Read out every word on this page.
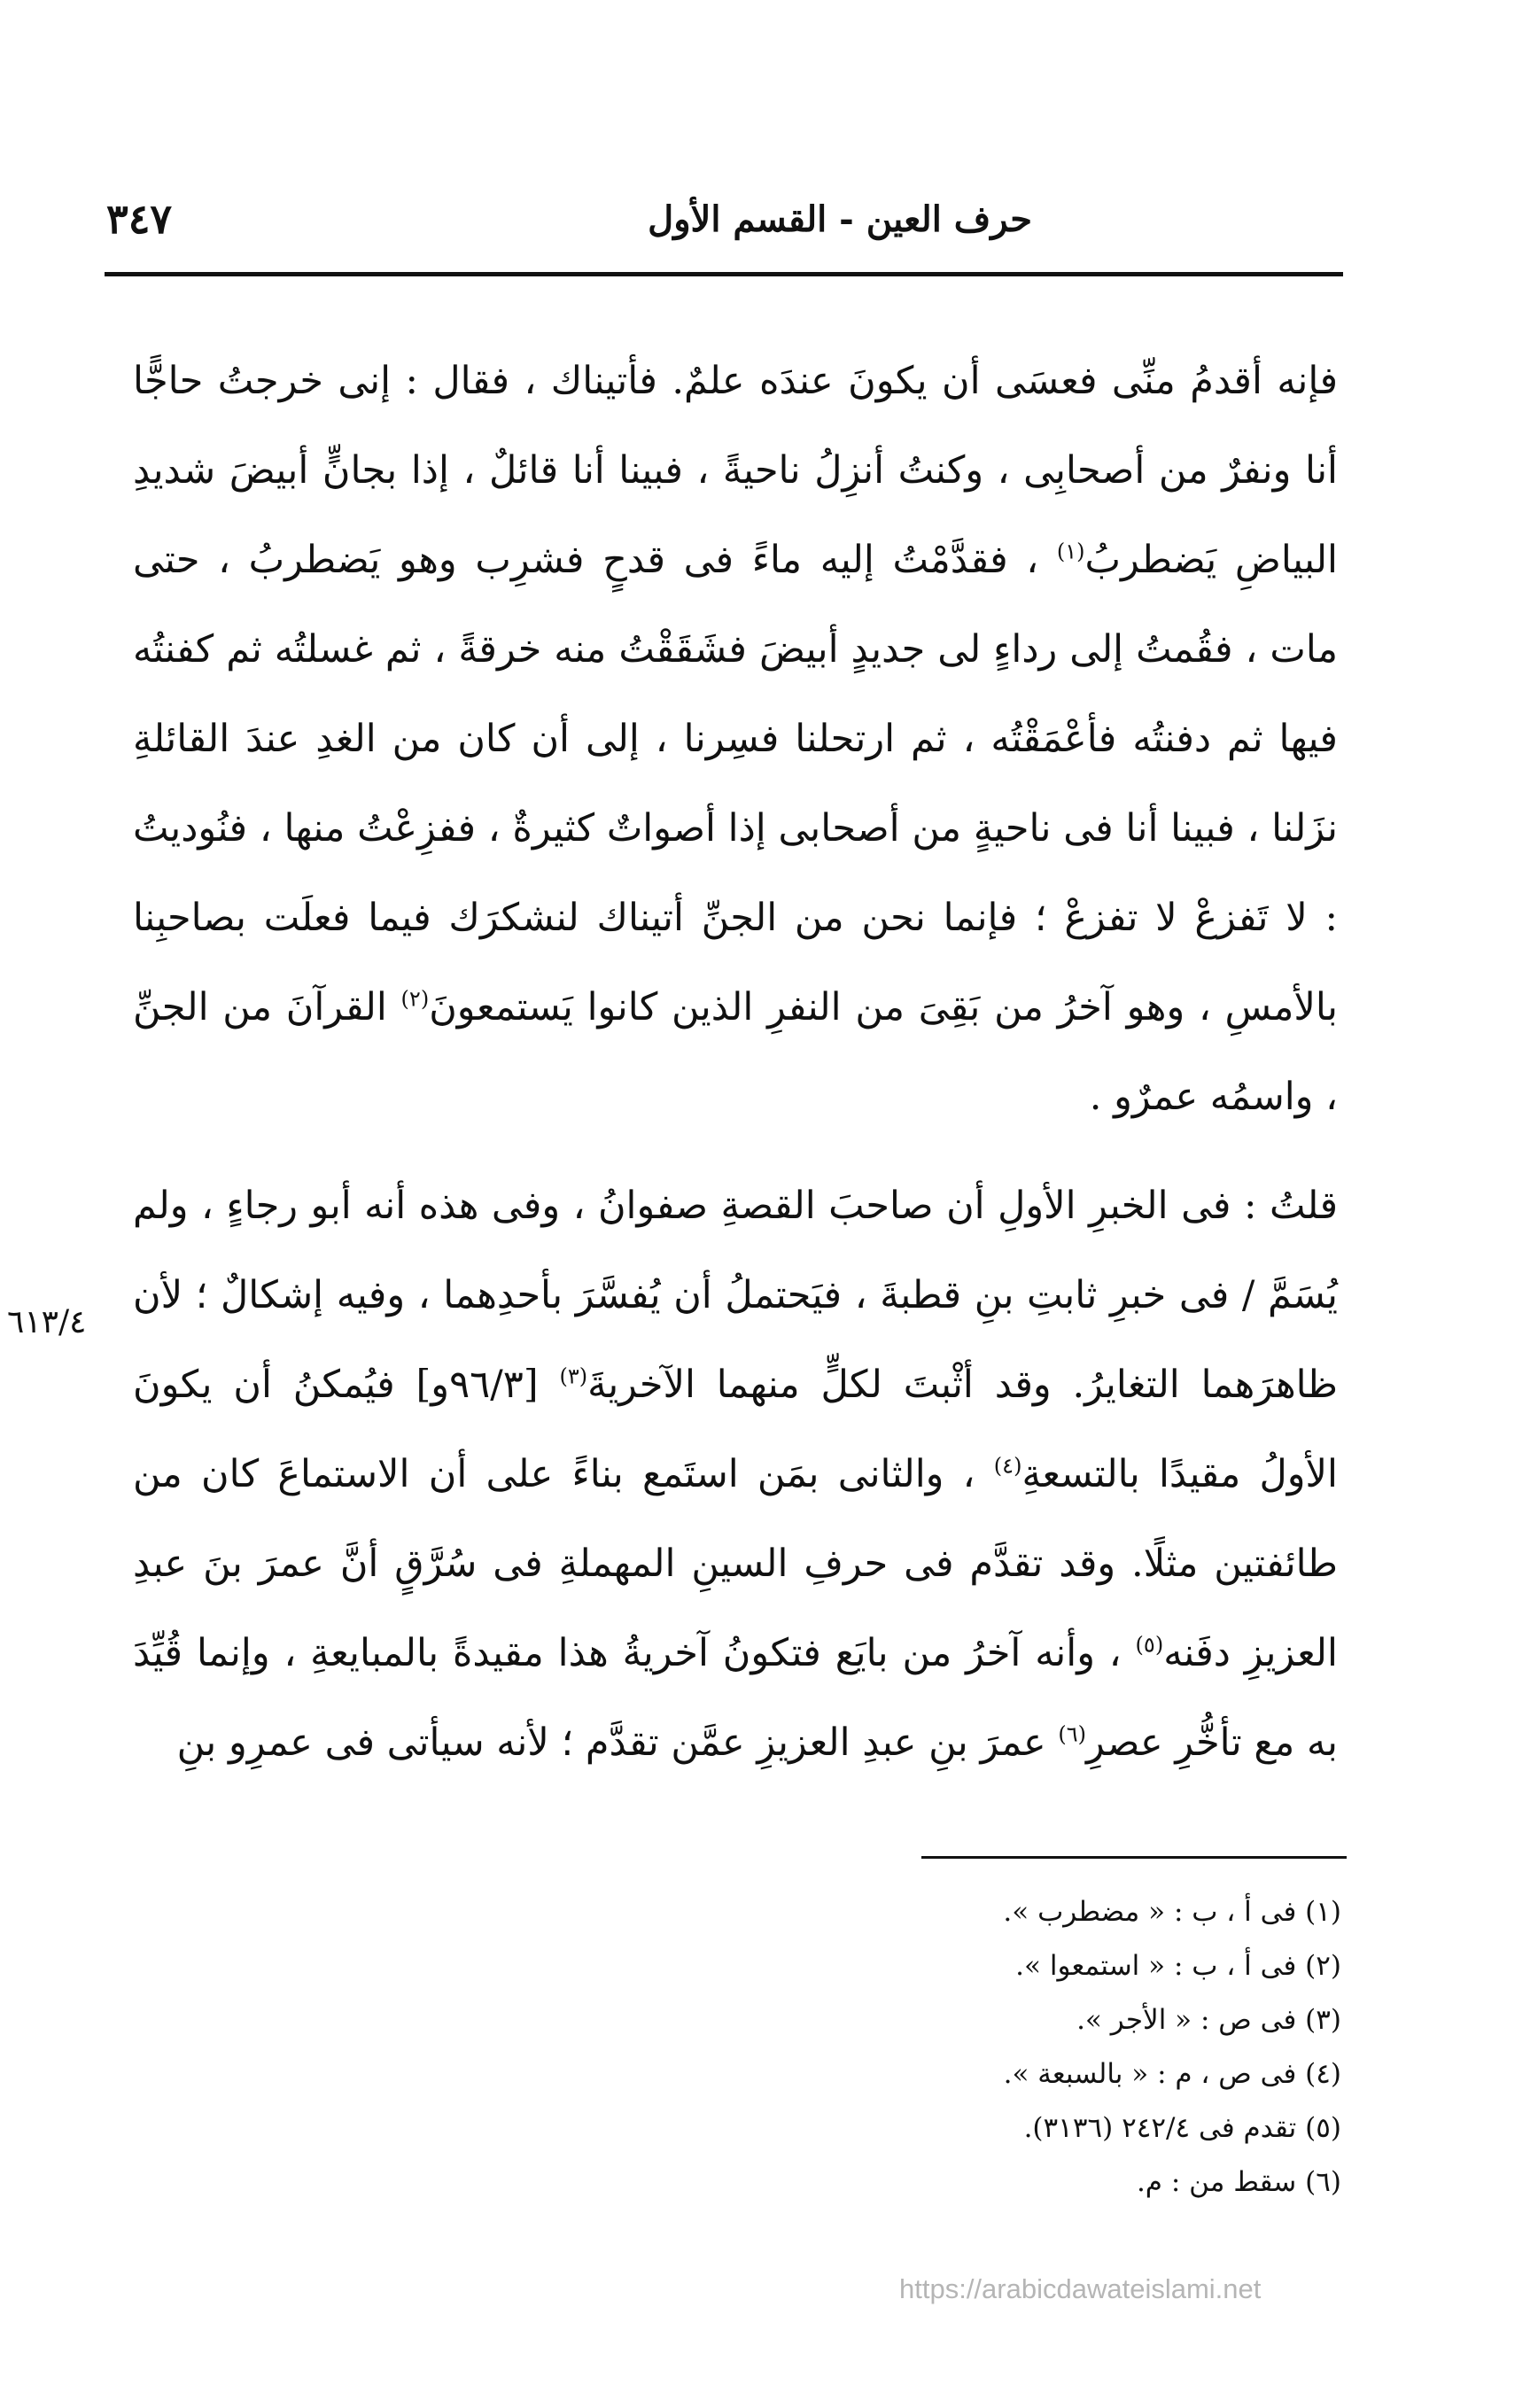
حرف العين - القسم الأول
٣٤٧

فإنه أقدمُ منِّى فعسَى أن يكونَ عندَه علمٌ. فأتيناك ، فقال : إنى خرجتُ حاجًّا أنا ونفرٌ من أصحابِى ، وكنتُ أنزِلُ ناحيةً ، فبينا أنا قائلٌ ، إذا بجانٍّ أبيضَ شديدِ البياضِ يَضطربُ$^{(١)}$ ، فقدَّمْتُ إليه ماءً فى قدحٍ فشرِب وهو يَضطربُ ، حتى مات ، فقُمتُ إلى رداءٍ لى جديدٍ أبيضَ فشَقَقْتُ منه خرقةً ، ثم غسلتُه ثم كفنتُه فيها ثم دفنتُه فأعْمَقْتُه ، ثم ارتحلنا فسِرنا ، إلى أن كان من الغدِ عندَ القائلةِ نزَلنا ، فبينا أنا فى ناحيةٍ من أصحابى إذا أصواتٌ كثيرةٌ ، ففزِعْتُ منها ، فنُوديتُ : لا تَفزعْ لا تفزعْ ؛ فإنما نحن من الجنِّ أتيناك لنشكرَك فيما فعلَت بصاحبِنا بالأمسِ ، وهو آخرُ من بَقِىَ من النفرِ الذين كانوا يَستمعونَ$^{(٢)}$ القرآنَ من الجنِّ ، واسمُه عمرٌو .

قلتُ : فى الخبرِ الأولِ أن صاحبَ القصةِ صفوانُ ، وفى هذه أنه أبو رجاءٍ ، ولم يُسَمَّ / فى خبرِ ثابتِ بنِ قطبةَ ، فيَحتملُ أن يُفسَّرَ بأحدِهما ، وفيه إشكالٌ ؛ لأن ظاهرَهما التغايرُ. وقد أثْبتَ لكلٍّ منهما الآخريةَ$^{(٣)}$ [٩٦/٣و] فيُمكنُ أن يكونَ الأولُ مقيدًا بالتسعةِ$^{(٤)}$ ، والثانى بمَن استَمع بناءً على أن الاستماعَ كان من طائفتين مثلًا. وقد تقدَّم فى حرفِ السينِ المهملةِ فى سُرَّقٍ أنَّ عمرَ بنَ عبدِ العزيزِ دفَنه$^{(٥)}$ ، وأنه آخرُ من بايَع فتكونُ آخريةُ هذا مقيدةً بالمبايعةِ ، وإنما قُيِّدَ به مع تأخُّرِ عصرِ$^{(٦)}$ عمرَ بنِ عبدِ العزيزِ عمَّن تقدَّم ؛ لأنه سيأتى فى عمرِو بنِ

٦١٣/٤
(١) فى أ ، ب : « مضطرب ».
(٢) فى أ ، ب : « استمعوا ».
(٣) فى ص : « الأجر ».
(٤) فى ص ، م : « بالسبعة ».
(٥) تقدم فى ٢٤٢/٤ (٣١٣٦).
(٦) سقط من : م.
https://arabicdawateislami.net
